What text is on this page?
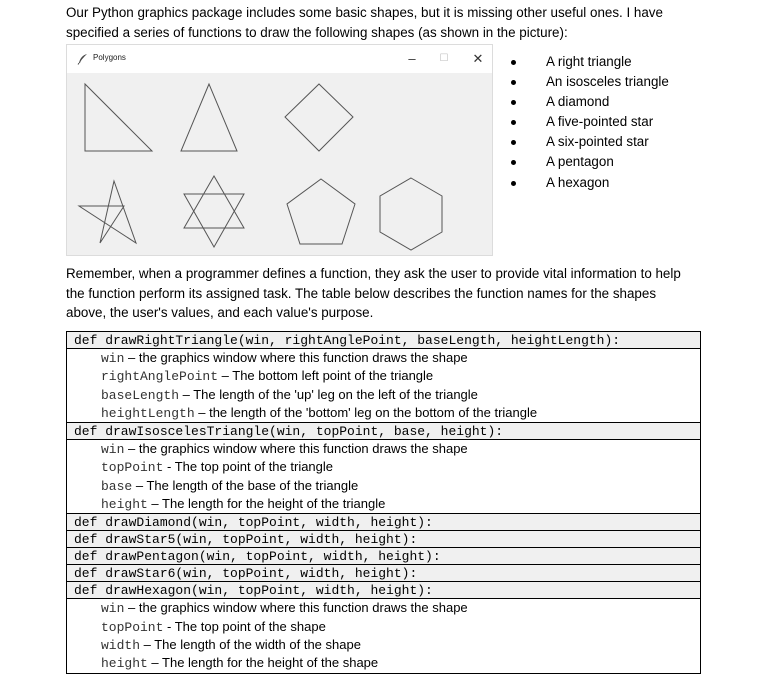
Our Python graphics package includes some basic shapes, but it is missing other useful ones. I have specified a series of functions to draw the following shapes (as shown in the picture):

Polygons	–	☐	✕	A right triangle
An isosceles triangle
A diamond
A five-pointed star
A six-pointed star
A pentagon
A hexagon

Remember, when a programmer defines a function, they ask the user to provide vital information to help the function perform its assigned task. The table below describes the function names for the shapes above, the user's values, and each value's purpose.

def drawRightTriangle(win, rightAnglePoint, baseLength, heightLength):
win – the graphics window where this function draws the shape
rightAnglePoint – The bottom left point of the triangle
baseLength – The length of the 'up' leg on the left of the triangle
heightLength – the length of the 'bottom' leg on the bottom of the triangle
def drawIsoscelesTriangle(win, topPoint, base, height):
win – the graphics window where this function draws the shape
topPoint - The top point of the triangle
base – The length of the base of the triangle
height – The length for the height of the triangle
def drawDiamond(win, topPoint, width, height):
def drawStar5(win, topPoint, width, height):
def drawPentagon(win, topPoint, width, height):
def drawStar6(win, topPoint, width, height):
def drawHexagon(win, topPoint, width, height):
win – the graphics window where this function draws the shape
topPoint - The top point of the shape
width – The length of the width of the shape
height – The length for the height of the shape
